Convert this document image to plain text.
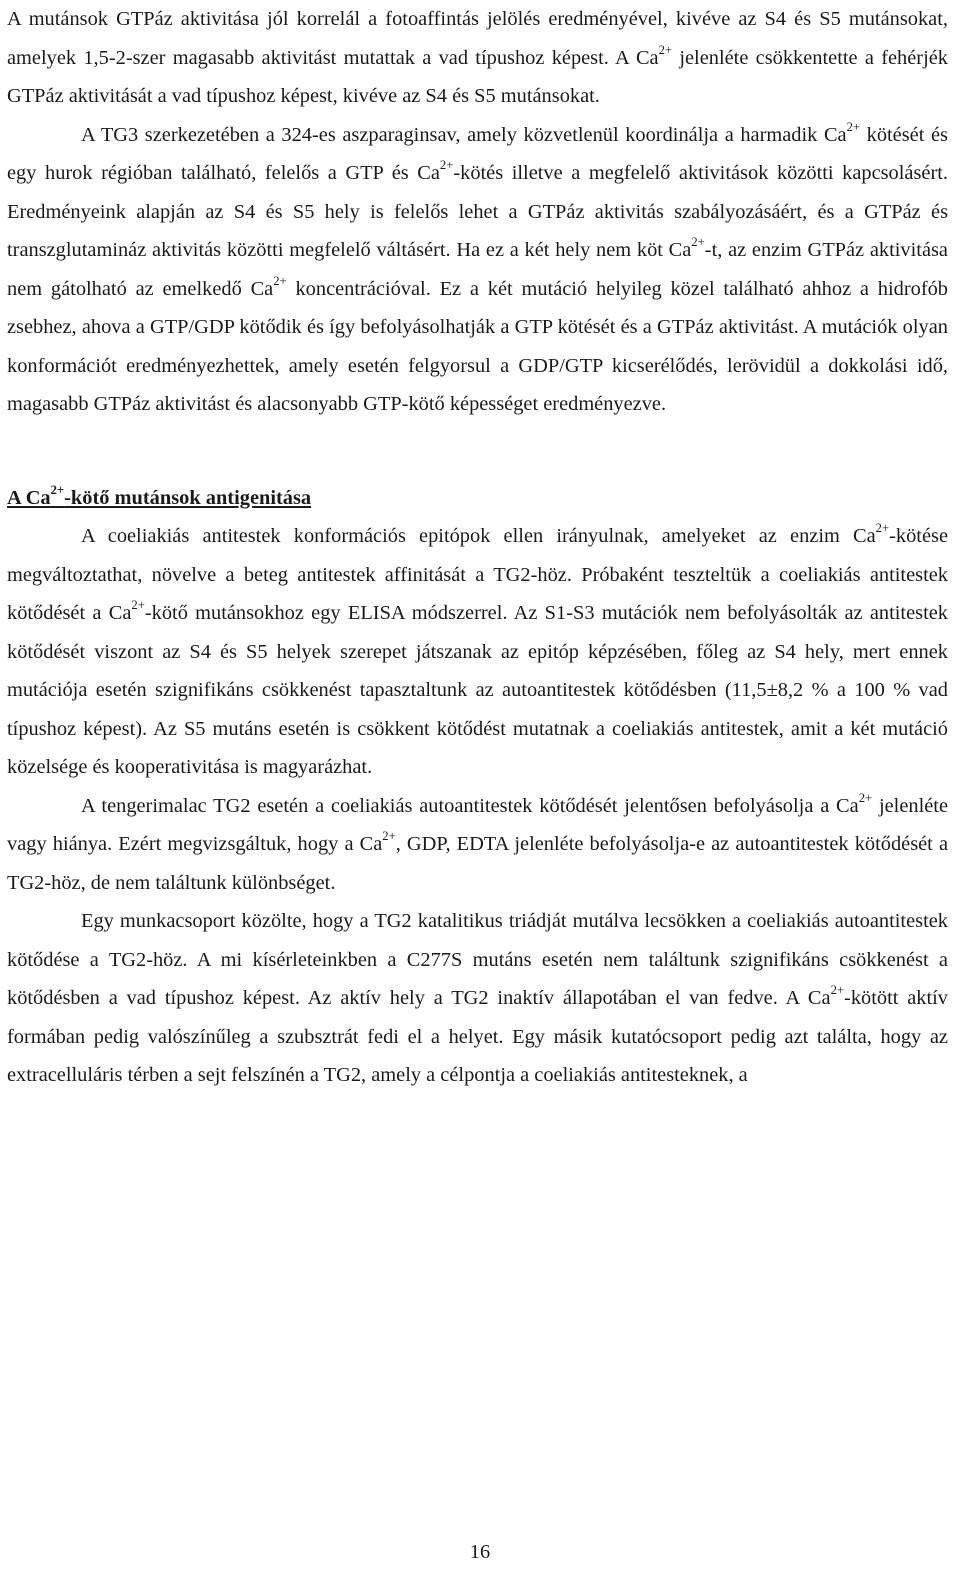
A mutánsok GTPáz aktivitása jól korrelál a fotoaffintás jelölés eredményével, kivéve az S4 és S5 mutánsokat, amelyek 1,5-2-szer magasabb aktivitást mutattak a vad típushoz képest. A $Ca^{2+}$ jelenléte csökkentette a fehérjék GTPáz aktivitását a vad típushoz képest, kivéve az S4 és S5 mutánsokat.

A TG3 szerkezetében a 324-es aszparaginsav, amely közvetlenül koordinálja a harmadik $Ca^{2+}$ kötését és egy hurok régióban található, felelős a GTP és $Ca^{2+}$-kötés illetve a megfelelő aktivitások közötti kapcsolásért. Eredményeink alapján az S4 és S5 hely is felelős lehet a GTPáz aktivitás szabályozásáért, és a GTPáz és transzglutamináz aktivitás közötti megfelelő váltásért. Ha ez a két hely nem köt $Ca^{2+}-t$, az enzim GTPáz aktivitása nem gátolható az emelkedő $Ca^{2+}$ koncentrációval. Ez a két mutáció helyileg közel található ahhoz a hidrofób zsebhez, ahova a GTP/GDP kötődik és így befolyásolhatják a GTP kötését és a GTPáz aktivitást. A mutációk olyan konformációt eredményezhettek, amely esetén felgyorsul a GDP/GTP kicserélődés, lerövidül a dokkolási idő, magasabb GTPáz aktivitást és alacsonyabb GTP-kötő képességet eredményezve.

A $Ca^{2+}$-kötő mutánsok antigenitása

A coeliakiás antitestek konformációs epitópok ellen irányulnak, amelyeket az enzim $Ca^{2+}$-kötése megváltoztathat, növelve a beteg antitestek affinitását a TG2-höz. Próbaként teszteltük a coeliakiás antitestek kötődését a $Ca^{2+}$-kötő mutánsokhoz egy ELISA módszerrel. Az S1-S3 mutációk nem befolyásolták az antitestek kötődését viszont az S4 és S5 helyek szerepet játszanak az epitóp képzésében, főleg az S4 hely, mert ennek mutációja esetén szignifikáns csökkenést tapasztaltunk az autoantitestek kötődésben (11,5±8,2 % a 100 % vad típushoz képest). Az S5 mutáns esetén is csökkent kötődést mutatnak a coeliakiás antitestek, amit a két mutáció közelsége és kooperativitása is magyarázhat.

A tengerimalac TG2 esetén a coeliakiás autoantitestek kötődését jelentősen befolyásolja a $Ca^{2+}$ jelenléte vagy hiánya. Ezért megvizsgáltuk, hogy a $Ca^{2+}$, GDP, EDTA jelenléte befolyásolja-e az autoantitestek kötődését a TG2-höz, de nem találtunk különbséget.

Egy munkacsoport közölte, hogy a TG2 katalitikus triádját mutálva lecsökken a coeliakiás autoantitestek kötődése a TG2-höz. A mi kísérleteinkben a C277S mutáns esetén nem találtunk szignifikáns csökkenést a kötődésben a vad típushoz képest. Az aktív hely a TG2 inaktív állapotában el van fedve. A $Ca^{2+}$-kötött aktív formában pedig valószínűleg a szubsztrát fedi el a helyet. Egy másik kutatócsoport pedig azt találta, hogy az extracelluláris térben a sejt felszínén a TG2, amely a célpontja a coeliakiás antitesteknek, a

16
